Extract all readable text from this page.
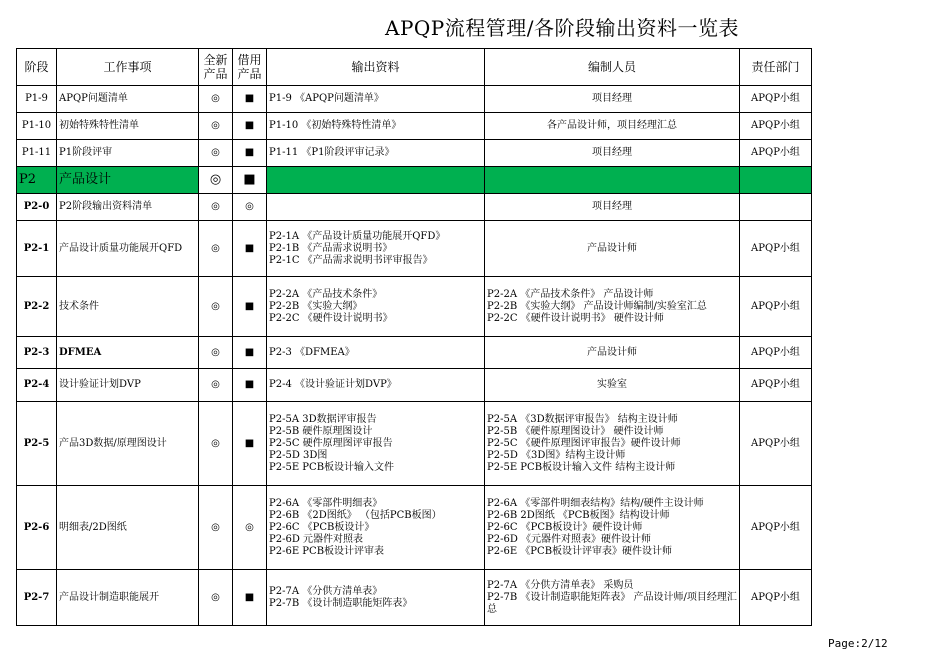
APQP流程管理/各阶段输出资料一览表
阶段	工作事项	全新
产品	借用
产品	输出资料	编制人员	责任部门
P1-9	APQP问题清单	◎	■	P1-9 《APQP问题清单》	项目经理	APQP小组
P1-10	初始特殊特性清单	◎	■	P1-10 《初始特殊特性清单》	各产品设计师，项目经理汇总	APQP小组
P1-11	P1阶段评审	◎	■	P1-11 《P1阶段评审记录》	项目经理	APQP小组
P2	产品设计	◎	■			
P2-0	P2阶段输出资料清单	◎	◎		项目经理	
P2-1	产品设计质量功能展开QFD	◎	■	P2-1A 《产品设计质量功能展开QFD》
P2-1B 《产品需求说明书》
P2-1C 《产品需求说明书评审报告》	产品设计师	APQP小组
P2-2	技术条件	◎	■	P2-2A 《产品技术条件》
P2-2B 《实验大纲》
P2-2C 《硬件设计说明书》	P2-2A 《产品技术条件》 产品设计师
P2-2B 《实验大纲》 产品设计师编制/实验室汇总
P2-2C 《硬件设计说明书》 硬件设计师	APQP小组
P2-3	DFMEA	◎	■	P2-3 《DFMEA》	产品设计师	APQP小组
P2-4	设计验证计划DVP	◎	■	P2-4 《设计验证计划DVP》	实验室	APQP小组
P2-5	产品3D数据/原理图设计	◎	■	P2-5A 3D数据评审报告
P2-5B 硬件原理图设计
P2-5C 硬件原理图评审报告
P2-5D 3D图
P2-5E PCB板设计输入文件	P2-5A 《3D数据评审报告》 结构主设计师
P2-5B 《硬件原理图设计》 硬件设计师
P2-5C 《硬件原理图评审报告》硬件设计师
P2-5D 《3D图》结构主设计师
P2-5E PCB板设计输入文件 结构主设计师	APQP小组
P2-6	明细表/2D图纸	◎	◎	P2-6A 《零部件明细表》
P2-6B 《2D图纸》 （包括PCB板图）
P2-6C 《PCB板设计》
P2-6D 元器件对照表
P2-6E PCB板设计评审表	P2-6A 《零部件明细表结构》结构/硬件主设计师
P2-6B 2D图纸 《PCB板图》结构设计师
P2-6C 《PCB板设计》硬件设计师
P2-6D 《元器件对照表》硬件设计师
P2-6E 《PCB板设计评审表》硬件设计师	APQP小组
P2-7	产品设计制造职能展开	◎	■	P2-7A 《分供方清单表》
P2-7B 《设计制造职能矩阵表》	P2-7A 《分供方清单表》 采购员
P2-7B 《设计制造职能矩阵表》 产品设计师/项目经理汇总	APQP小组
Page:2/12
